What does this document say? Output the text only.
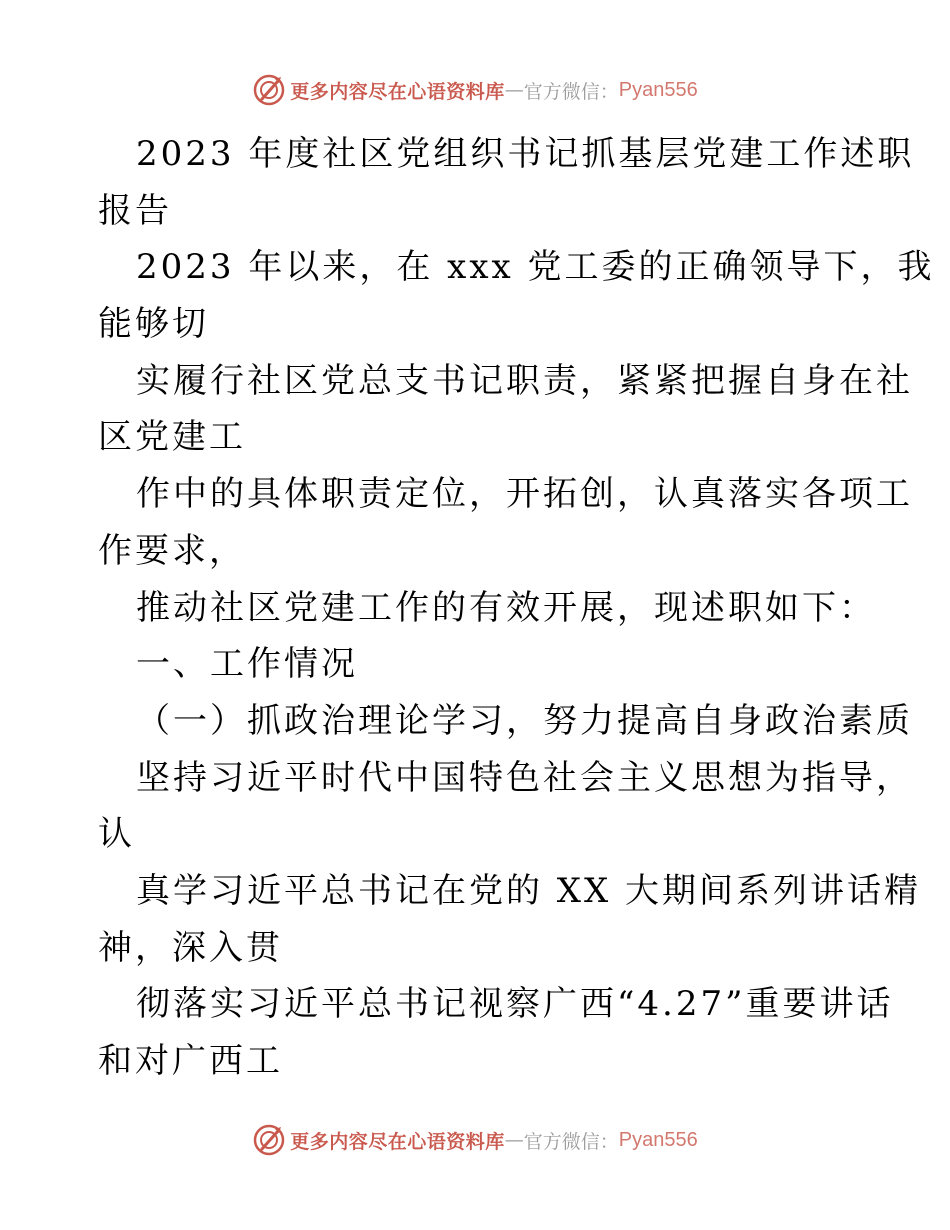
更多内容尽在心语资料库 — 官方微信： Pyan556
2023 年度社区党组织书记抓基层党建工作述职
报告
2023 年以来，在 xxx 党工委的正确领导下，我
能够切
实履行社区党总支书记职责，紧紧把握自身在社
区党建工
作中的具体职责定位，开拓创，认真落实各项工
作要求，
推动社区党建工作的有效开展，现述职如下：
一、工作情况
（一）抓政治理论学习，努力提高自身政治素质
坚持习近平时代中国特色社会主义思想为指导，
认
真学习近平总书记在党的 XX 大期间系列讲话精
神，深入贯
彻落实习近平总书记视察广西“4.27”重要讲话
和对广西工
更多内容尽在心语资料库 — 官方微信： Pyan556
